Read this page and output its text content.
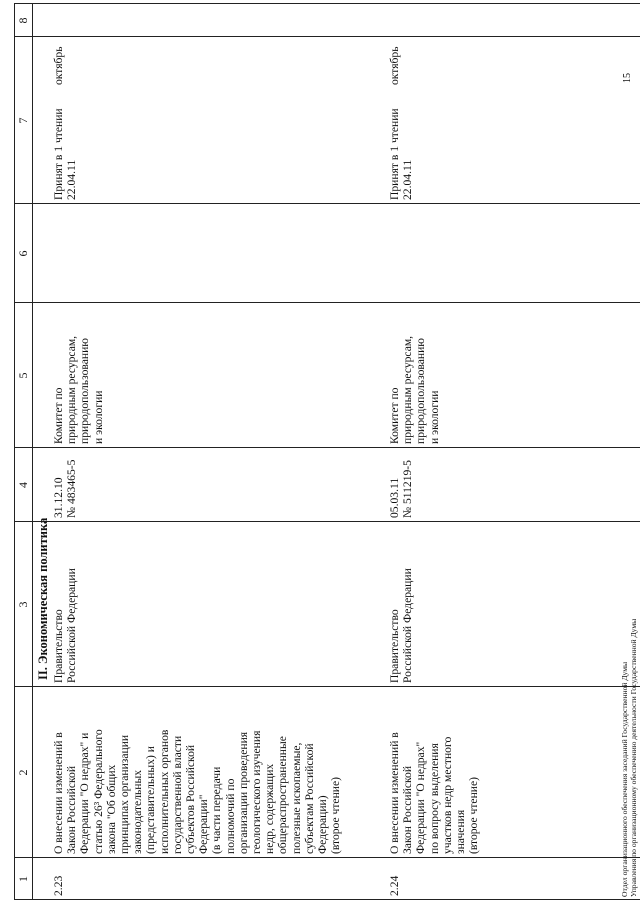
1
2
3
4
5
6
7
8
II. Экономическая политика
2.23
О внесении изменений в
Закон Российской
Федерации "О недрах" и
статью 26³ Федерального
закона "Об общих
принципах организации
законодательных
(представительных) и
исполнительных органов
государственной власти
субъектов Российской
Федерации"
(в части передачи
полномочий по
организации проведения
геологического изучения
недр, содержащих
общераспространенные
полезные ископаемые,
субъектам Российской
Федерации)
(второе чтение)
Правительство
Российской Федерации
31.12.10
№ 483465-5
Комитет по
природным ресурсам,
природопользованию
и экологии
Принят в 1 чтении
22.04.11
октябрь
2.24
О внесении изменений в
Закон Российской
Федерации "О недрах"
по вопросу выделения
участков недр местного
значения
(второе чтение)
Правительство
Российской Федерации
05.03.11
№ 511219-5
Комитет по
природным ресурсам,
природопользованию
и экологии
Принят в 1 чтении
22.04.11
октябрь
Отдел организационного обеспечения заседаний Государственной Думы Управления по организационному обеспечению деятельности Государственной Думы
15
